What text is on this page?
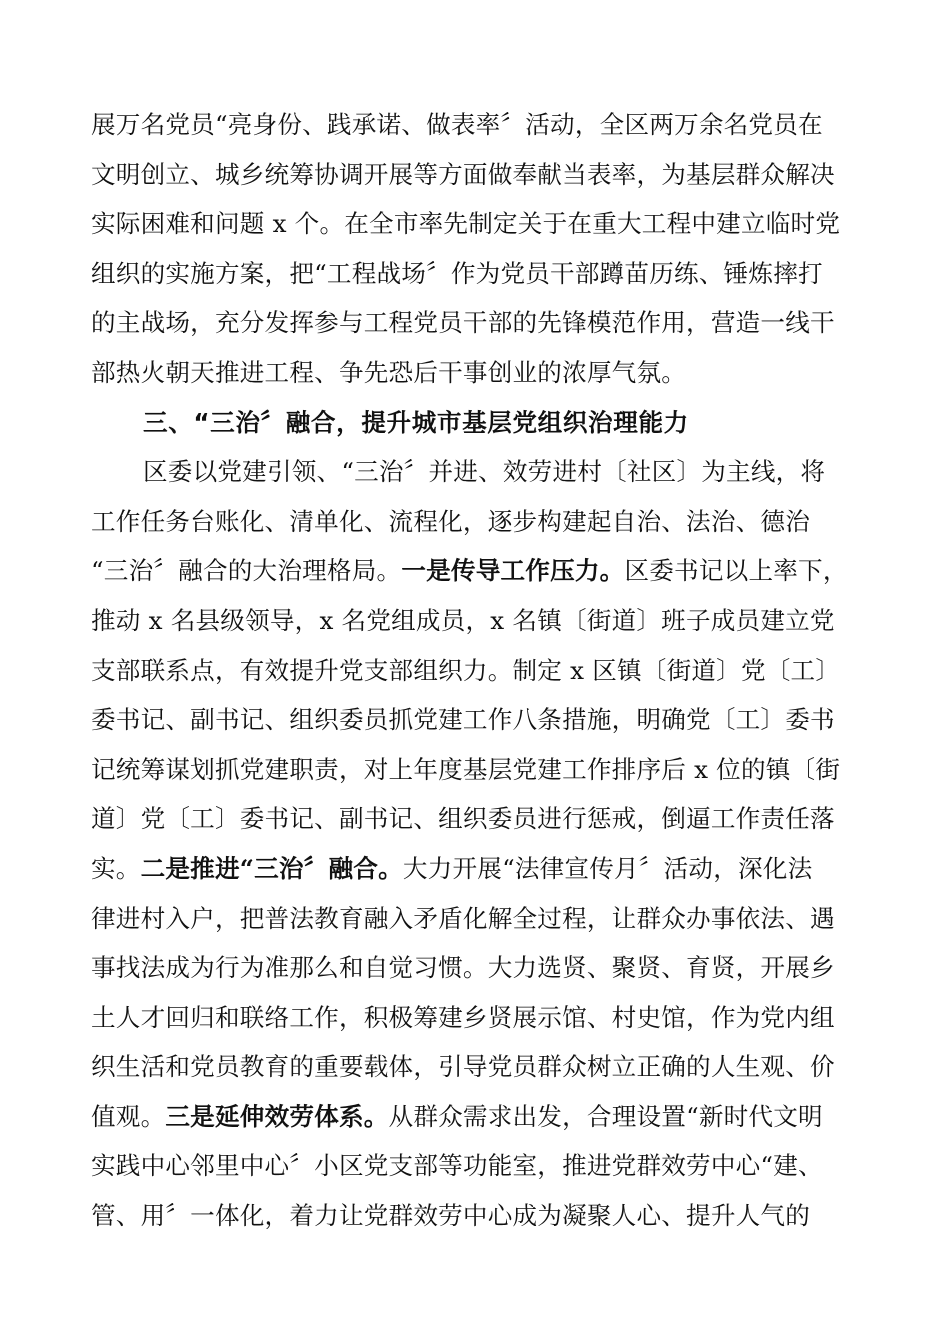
展万名党员“亮身份、践承诺、做表率〞活动，全区两万余名党员在
文明创立、城乡统筹协调开展等方面做奉献当表率，为基层群众解决
实际困难和问题 x 个。在全市率先制定关于在重大工程中建立临时党
组织的实施方案，把“工程战场〞作为党员干部蹲苗历练、锤炼摔打
的主战场，充分发挥参与工程党员干部的先锋模范作用，营造一线干
部热火朝天推进工程、争先恐后干事创业的浓厚气氛。
三、“三治〞融合，提升城市基层党组织治理能力
区委以党建引领、“三治〞并进、效劳进村〔社区〕为主线，将
工作任务台账化、清单化、流程化，逐步构建起自治、法治、德治
“三治〞融合的大治理格局。一是传导工作压力。区委书记以上率下，
推动 x 名县级领导，x 名党组成员，x 名镇〔街道〕班子成员建立党
支部联系点，有效提升党支部组织力。制定 x 区镇〔街道〕党〔工〕
委书记、副书记、组织委员抓党建工作八条措施，明确党〔工〕委书
记统筹谋划抓党建职责，对上年度基层党建工作排序后 x 位的镇〔街
道〕党〔工〕委书记、副书记、组织委员进行惩戒，倒逼工作责任落
实。二是推进“三治〞融合。大力开展“法律宣传月〞活动，深化法
律进村入户，把普法教育融入矛盾化解全过程，让群众办事依法、遇
事找法成为行为准那么和自觉习惯。大力选贤、聚贤、育贤，开展乡
土人才回归和联络工作，积极筹建乡贤展示馆、村史馆，作为党内组
织生活和党员教育的重要载体，引导党员群众树立正确的人生观、价
值观。三是延伸效劳体系。从群众需求出发，合理设置“新时代文明
实践中心邻里中心〞小区党支部等功能室，推进党群效劳中心“建、
管、用〞一体化，着力让党群效劳中心成为凝聚人心、提升人气的
